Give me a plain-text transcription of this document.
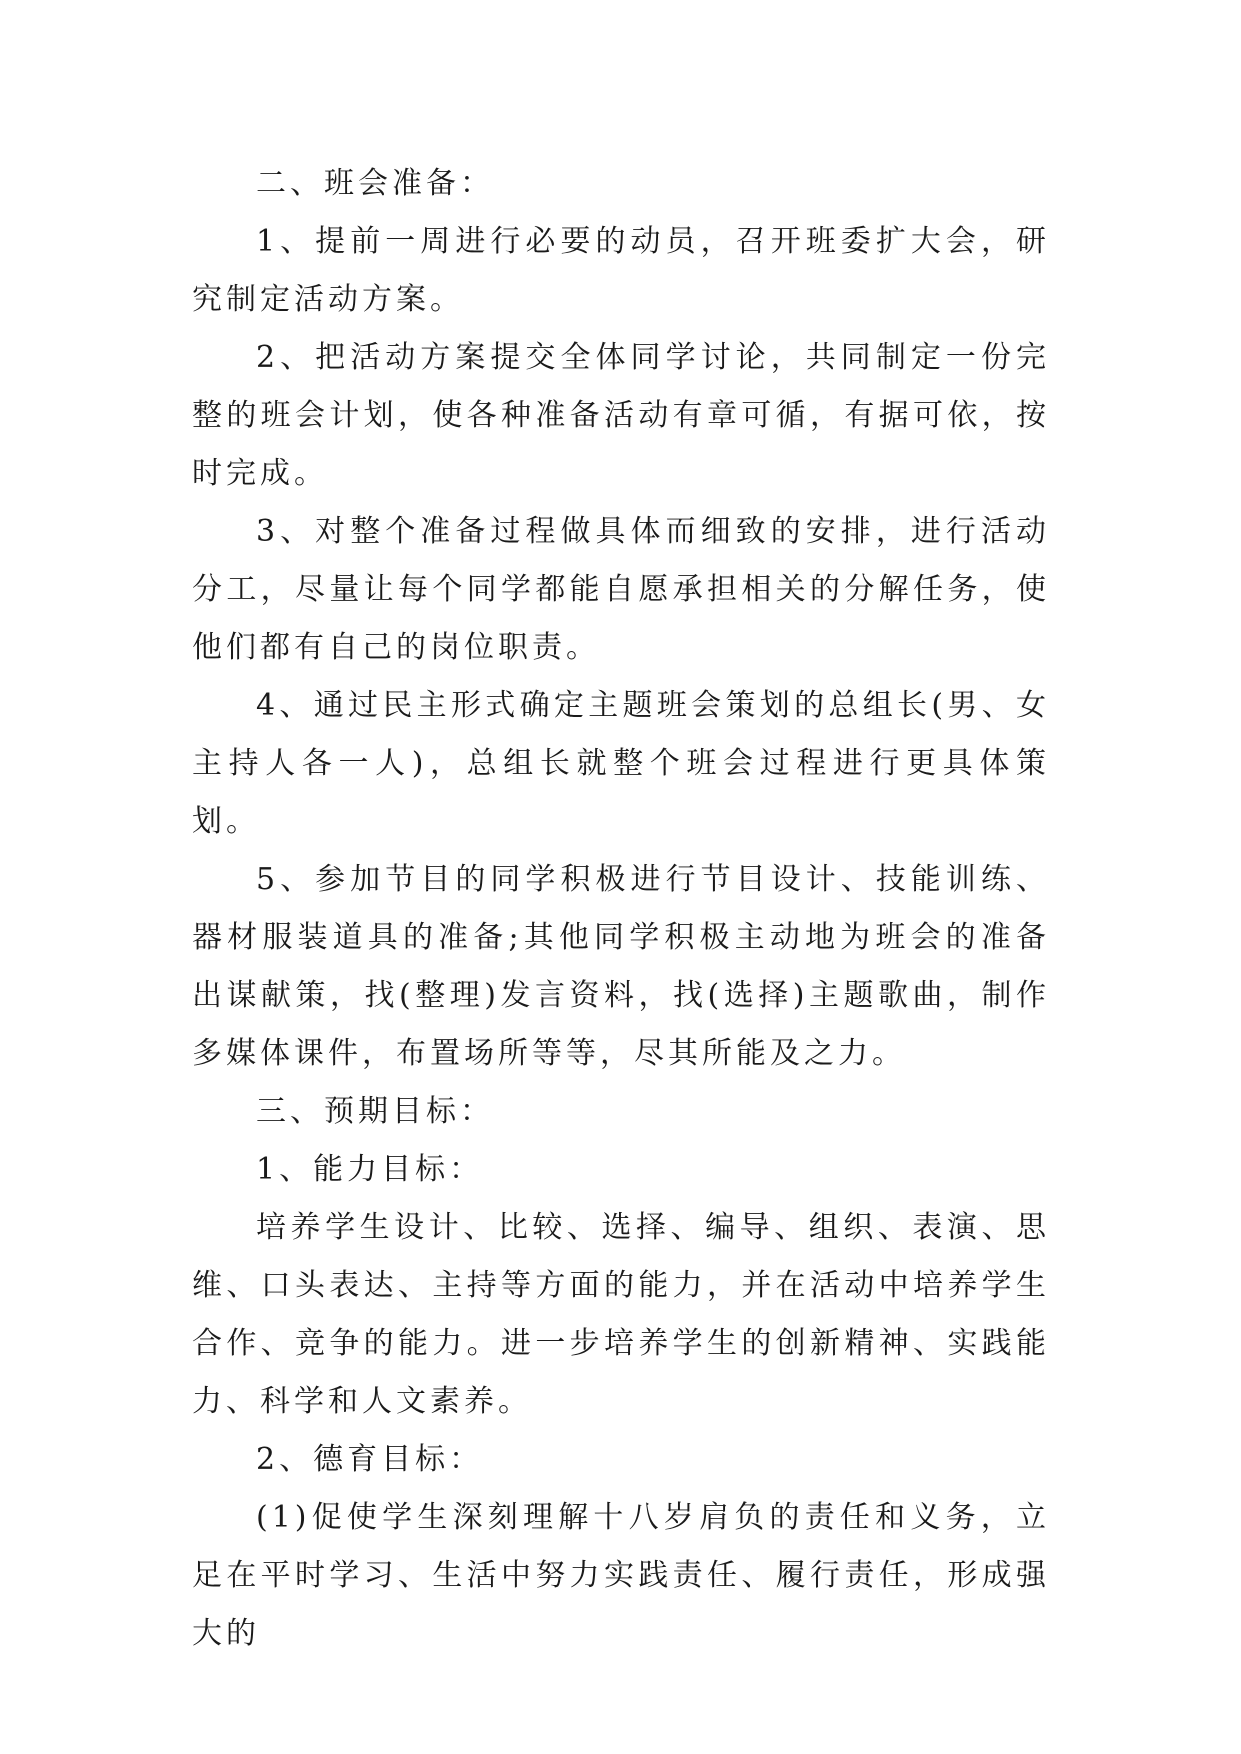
二、班会准备：

1、提前一周进行必要的动员，召开班委扩大会，研究制定活动方案。

2、把活动方案提交全体同学讨论，共同制定一份完整的班会计划，使各种准备活动有章可循，有据可依，按时完成。

3、对整个准备过程做具体而细致的安排，进行活动分工，尽量让每个同学都能自愿承担相关的分解任务，使他们都有自己的岗位职责。

4、通过民主形式确定主题班会策划的总组长(男、女主持人各一人)，总组长就整个班会过程进行更具体策划。

5、参加节目的同学积极进行节目设计、技能训练、器材服装道具的准备;其他同学积极主动地为班会的准备出谋献策，找(整理)发言资料，找(选择)主题歌曲，制作多媒体课件，布置场所等等，尽其所能及之力。

三、预期目标：

1、能力目标：

培养学生设计、比较、选择、编导、组织、表演、思维、口头表达、主持等方面的能力，并在活动中培养学生合作、竞争的能力。进一步培养学生的创新精神、实践能力、科学和人文素养。

2、德育目标：

(1)促使学生深刻理解十八岁肩负的责任和义务，立足在平时学习、生活中努力实践责任、履行责任，形成强大的
